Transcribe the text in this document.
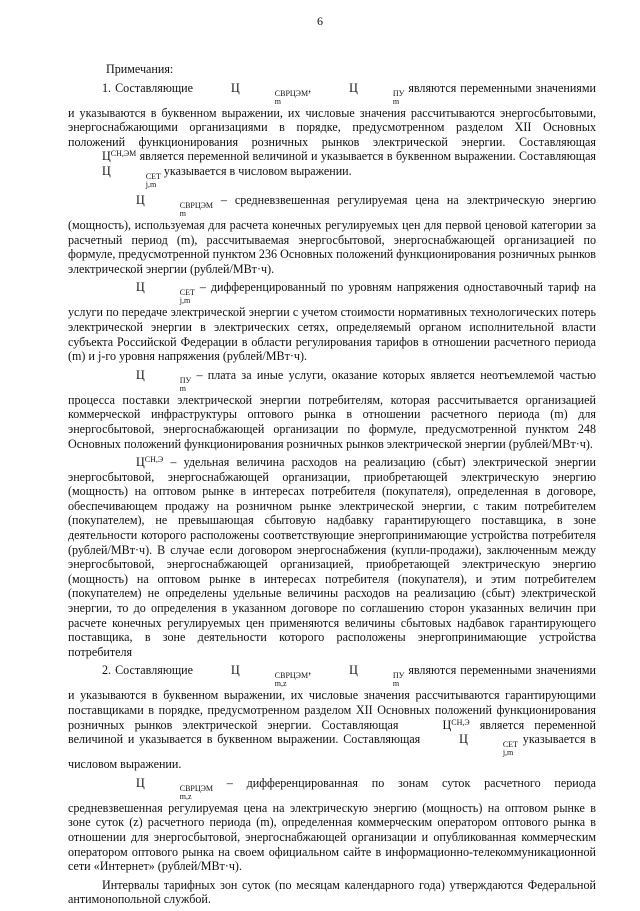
6

Примечания:

1. Составляющие	Ц	СВРЦЭМ
m
,	Ц	ПУ
m
являются переменными значениями и указываются в буквенном выражении, их числовые значения рассчитываются энергосбытовыми, энергоснабжающими организациями в порядке, предусмотренном разделом XII Основных положений функционирования розничных рынков электрической энергии. Составляющая $Ц^{СН,ЭМ}$ является переменной величиной и указывается в буквенном выражении. Составляющая Ц	СЕТ
j,m
указывается в числовом выражении.

Ц	СВРЦЭМ
m
– средневзвешенная регулируемая цена на электрическую энергию (мощность), используемая для расчета конечных регулируемых цен для первой ценовой категории за расчетный период (m), рассчитываемая энергосбытовой, энергоснабжающей организацией по формуле, предусмотренной пунктом 236 Основных положений функционирования розничных рынков электрической энергии (рублей/МВт·ч).

Ц	СЕТ
j,m
– дифференцированный по уровням напряжения одноставочный тариф на услуги по передаче электрической энергии с учетом стоимости нормативных технологических потерь электрической энергии в электрических сетях, определяемый органом исполнительной власти субъекта Российской Федерации в области регулирования тарифов в отношении расчетного периода (m) и j-го уровня напряжения (рублей/МВт·ч).

Ц	ПУ
m
– плата за иные услуги, оказание которых является неотъемлемой частью процесса поставки электрической энергии потребителям, которая рассчитывается организацией коммерческой инфраструктуры оптового рынка в отношении расчетного периода (m) для энергосбытовой, энергоснабжающей организации по формуле, предусмотренной пунктом 248 Основных положений функционирования розничных рынков электрической энергии (рублей/МВт·ч).

$Ц^{СН,Э}$ – удельная величина расходов на реализацию (сбыт) электрической энергии энергосбытовой, энергоснабжающей организации, приобретающей электрическую энергию (мощность) на оптовом рынке в интересах потребителя (покупателя), определенная в договоре, обеспечивающем продажу на розничном рынке электрической энергии, с таким потребителем (покупателем), не превышающая сбытовую надбавку гарантирующего поставщика, в зоне деятельности которого расположены соответствующие энергопринимающие устройства потребителя (рублей/МВт·ч). В случае если договором энергоснабжения (купли-продажи), заключенным между энергосбытовой, энергоснабжающей организацией, приобретающей электрическую энергию (мощность) на оптовом рынке в интересах потребителя (покупателя), и этим потребителем (покупателем) не определены удельные величины расходов на реализацию (сбыт) электрической энергии, то до определения в указанном договоре по соглашению сторон указанных величин при расчете конечных регулируемых цен применяются величины сбытовых надбавок гарантирующего поставщика, в зоне деятельности которого расположены энергопринимающие устройства потребителя

2. Составляющие	Ц	СВРЦЭМ
m,z
,	Ц	ПУ
m
являются переменными значениями и указываются в буквенном выражении, их числовые значения рассчитываются гарантирующими поставщиками в порядке, предусмотренном разделом XII Основных положений функционирования розничных рынков электрической энергии. Составляющая	$Ц^{СН,Э}$ является переменной величиной и указывается в буквенном выражении. Составляющая	Ц	СЕТ
j,m
указывается в числовом выражении.

Ц	СВРЦЭМ
m,z
– дифференцированная по зонам суток расчетного периода средневзвешенная регулируемая цена на электрическую энергию (мощность) на оптовом рынке в зоне суток (z) расчетного периода (m), определенная коммерческим оператором оптового рынка в отношении для энергосбытовой, энергоснабжающей организации и опубликованная коммерческим оператором оптового рынка на своем официальном сайте в информационно-телекоммуникационной сети «Интернет» (рублей/МВт·ч).

Интервалы тарифных зон суток (по месяцам календарного года) утверждаются Федеральной антимонопольной службой.
